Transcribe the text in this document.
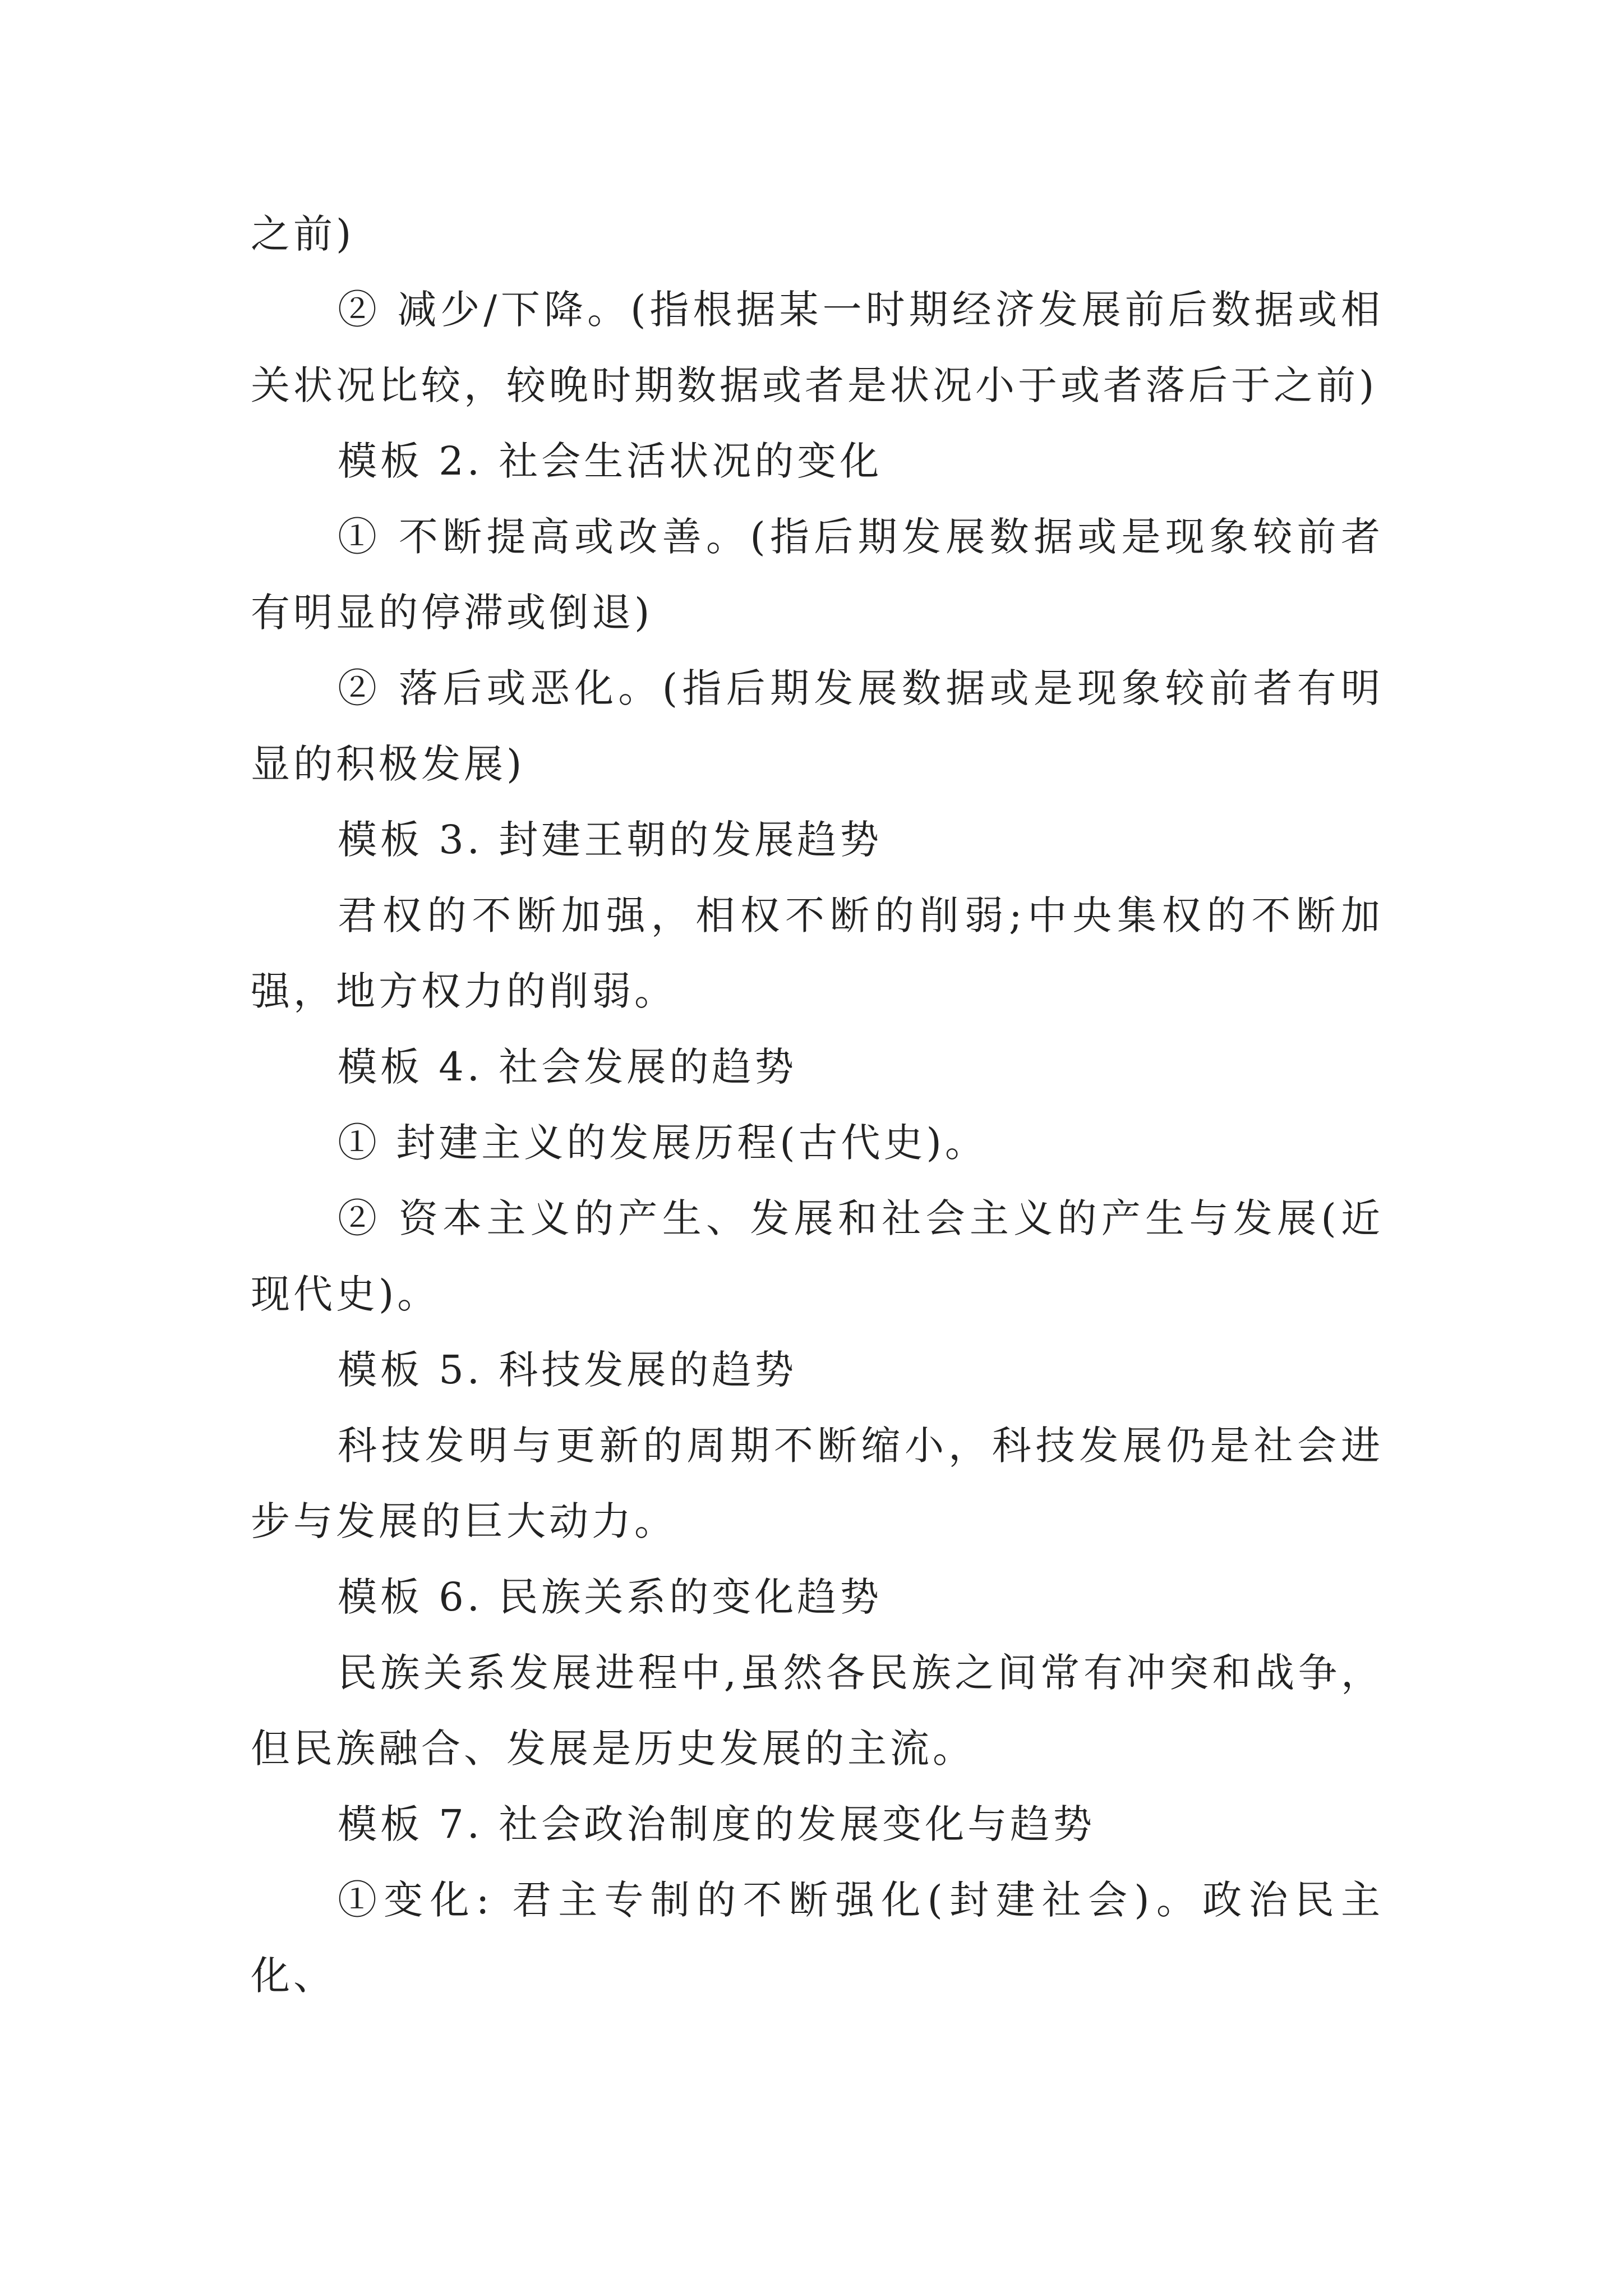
之前)

② 减少/下降。(指根据某一时期经济发展前后数据或相关状况比较，较晚时期数据或者是状况小于或者落后于之前)

模板 2. 社会生活状况的变化

① 不断提高或改善。(指后期发展数据或是现象较前者有明显的停滞或倒退)

② 落后或恶化。(指后期发展数据或是现象较前者有明显的积极发展)

模板 3. 封建王朝的发展趋势

君权的不断加强，相权不断的削弱;中央集权的不断加强，地方权力的削弱。

模板 4. 社会发展的趋势

① 封建主义的发展历程(古代史)。

② 资本主义的产生、发展和社会主义的产生与发展(近现代史)。

模板 5. 科技发展的趋势

科技发明与更新的周期不断缩小，科技发展仍是社会进步与发展的巨大动力。

模板 6. 民族关系的变化趋势

民族关系发展进程中,虽然各民族之间常有冲突和战争，但民族融合、发展是历史发展的主流。

模板 7. 社会政治制度的发展变化与趋势

①变化: 君主专制的不断强化(封建社会)。政治民主化、
